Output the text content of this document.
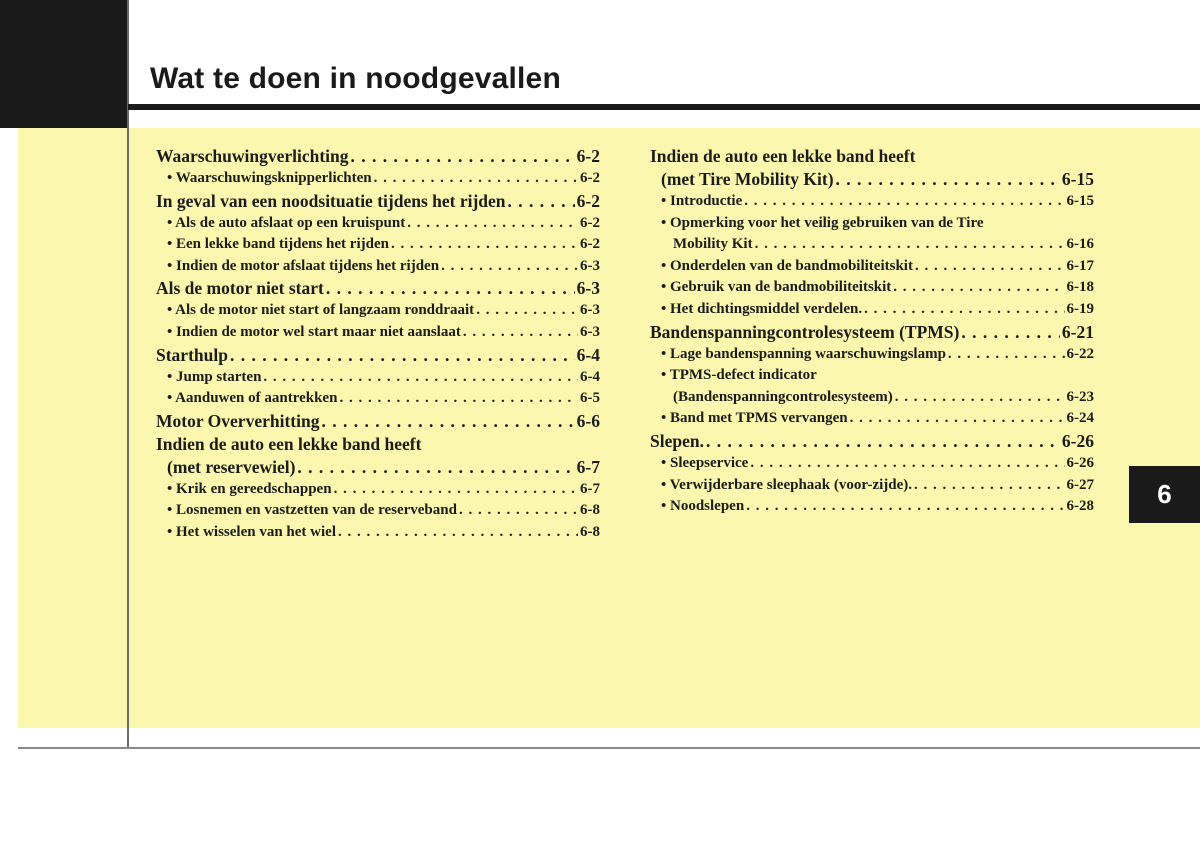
Wat te doen in noodgevallen
Waarschuwingverlichting . . .	6-2
• Waarschuwingsknipperlichten . . .	6-2
In geval van een noodsituatie tijdens het rijden . . .	6-2
• Als de auto afslaat op een kruispunt . . .	6-2
• Een lekke band tijdens het rijden . . .	6-2
• Indien de motor afslaat tijdens het rijden . . .	6-3
Als de motor niet start . . .	6-3
• Als de motor niet start of langzaam ronddraait . . .	6-3
• Indien de motor wel start maar niet aanslaat . . .	6-3
Starthulp . . .	6-4
• Jump starten . . .	6-4
• Aanduwen of aantrekken . . .	6-5
Motor Oververhitting . . .	6-6
Indien de auto een lekke band heeft
(met reservewiel) . . .	6-7
• Krik en gereedschappen . . .	6-7
• Losnemen en vastzetten van de reserveband . . .	6-8
• Het wisselen van het wiel . . .	6-8
Indien de auto een lekke band heeft
(met Tire Mobility Kit) . . .	6-15
• Introductie . . .	6-15
• Opmerking voor het veilig gebruiken van de Tire
Mobility Kit . . .	6-16
• Onderdelen van de bandmobiliteitskit . . .	6-17
• Gebruik van de bandmobiliteitskit . . .	6-18
• Het dichtingsmiddel verdelen. . . .	6-19
Bandenspanningcontrolesysteem (TPMS) . . .	6-21
• Lage bandenspanning waarschuwingslamp . . .	6-22
• TPMS-defect indicator
(Bandenspanningcontrolesysteem) . . .	6-23
• Band met TPMS vervangen . . .	6-24
Slepen. . . .	6-26
• Sleepservice . . .	6-26
• Verwijderbare sleephaak (voor-zijde). . . .	6-27
• Noodslepen . . .	6-28 6
